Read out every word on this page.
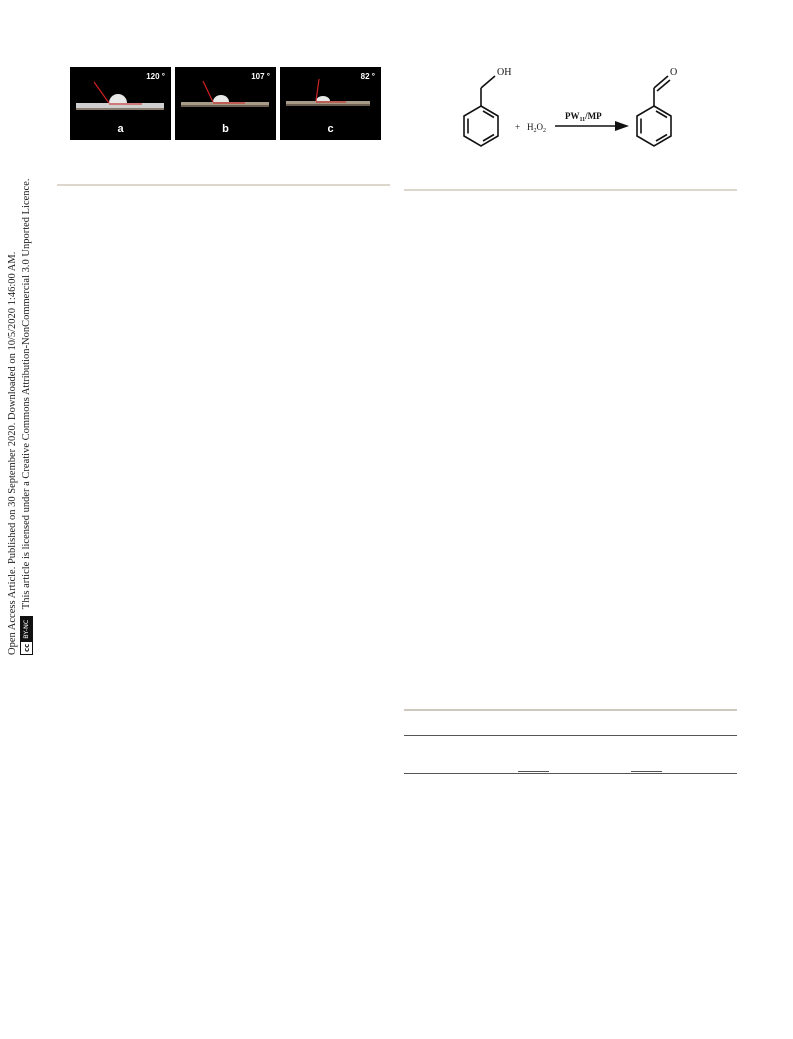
Open Access Article. Published on 30 September 2020. Downloaded on 10/5/2020 1:46:00 AM. cc
BY-NC
This article is licensed under a Creative Commons Attribution-NonCommercial 3.0 Unported Licence.
120 °
a
107 °
b
82 °
c
OH
+ $H_2O_2$
$PW_{11}/MP$
O
